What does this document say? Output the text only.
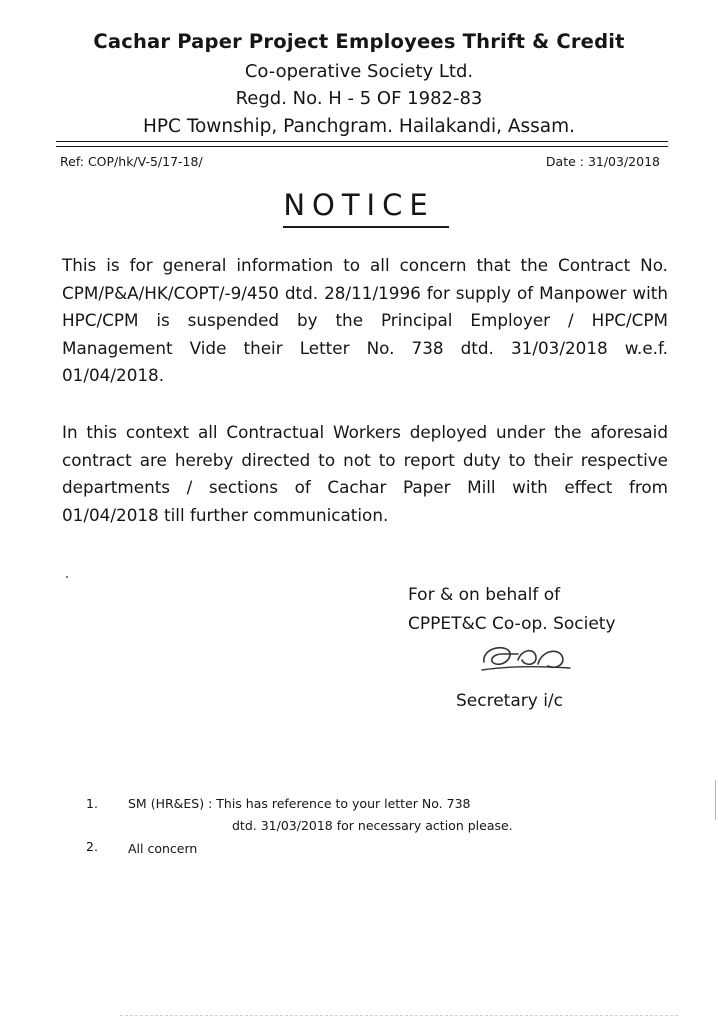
Cachar Paper Project Employees Thrift & Credit
Co-operative Society Ltd.
Regd. No. H - 5 OF 1982-83
HPC Township, Panchgram. Hailakandi, Assam.
Ref: COP/hk/V-5/17-18/	Date : 31/03/2018
NOTICE
This is for general information to all concern that the Contract No. CPM/P&A/HK/COPT/-9/450 dtd. 28/11/1996 for supply of Manpower with HPC/CPM is suspended by the Principal Employer / HPC/CPM Management Vide their Letter No. 738 dtd. 31/03/2018 w.e.f. 01/04/2018.
In this context all Contractual Workers deployed under the aforesaid contract are hereby directed to not to report duty to their respective departments / sections of Cachar Paper Mill with effect from 01/04/2018 till further communication.
For & on behalf of
CPPET&C Co-op. Society
Secretary i/c
1. SM (HR&ES) : This has reference to your letter No. 738
dtd. 31/03/2018 for necessary action please.
2. All concern
